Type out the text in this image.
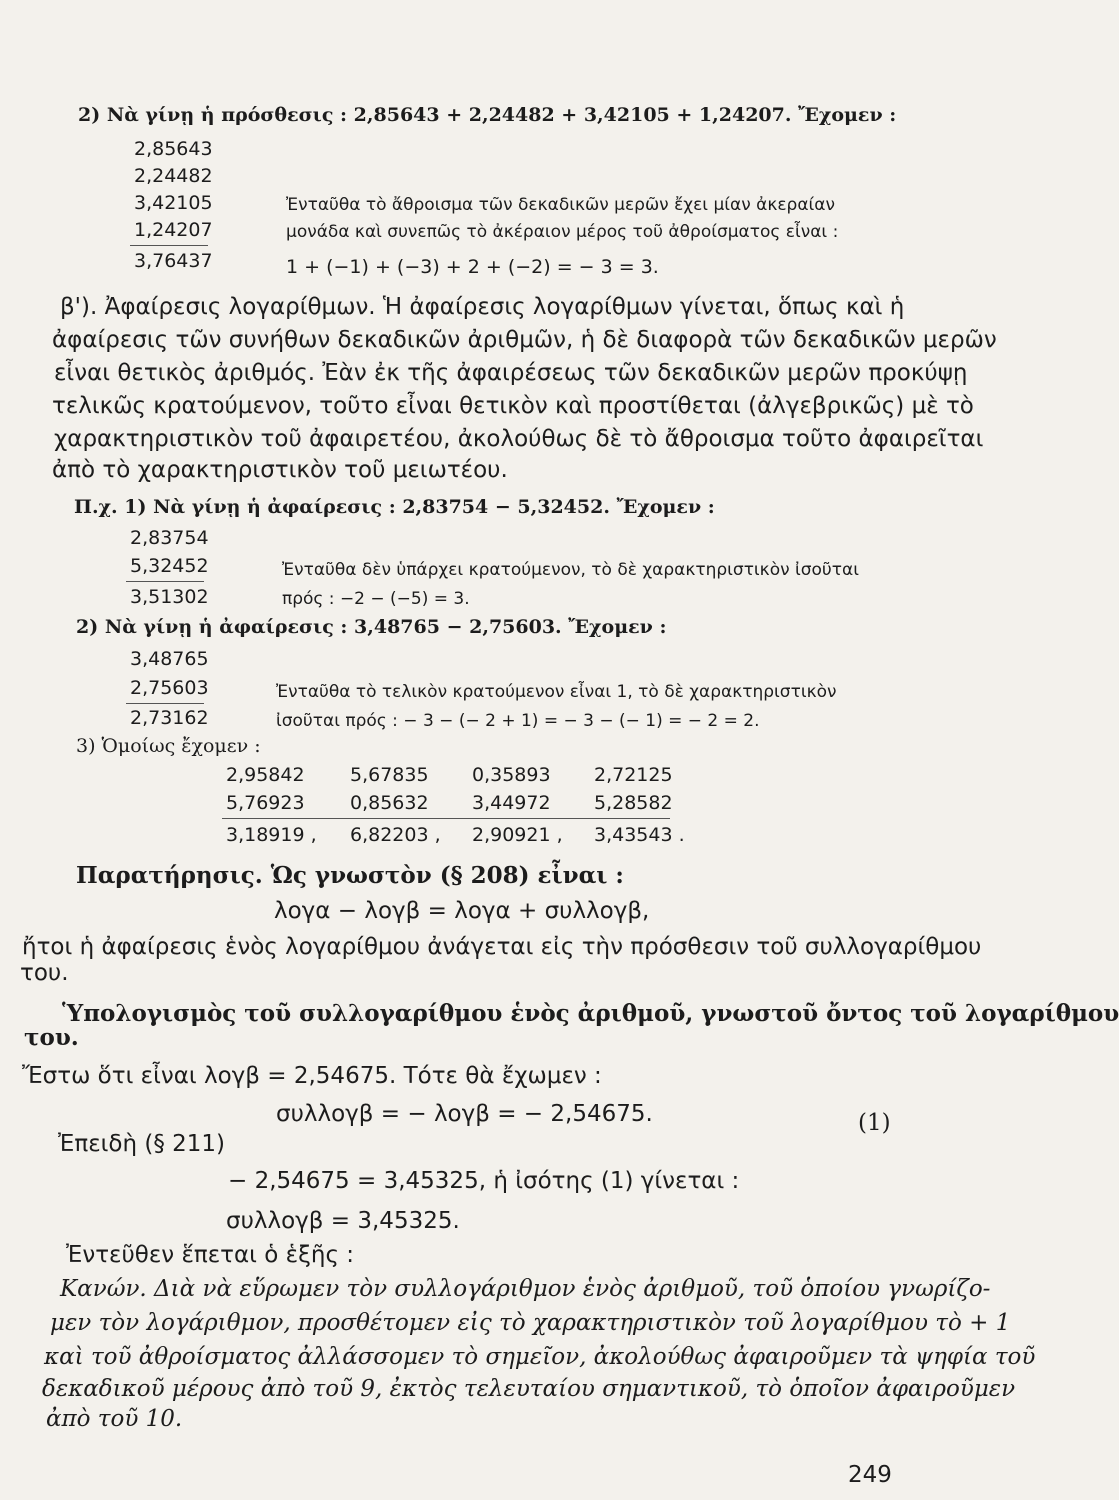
2) Νὰ γίνῃ ἡ πρόσθεσις : 2,85643 + 2,24482 + 3,42105 + 1,24207. Ἔχομεν :
2,85643
2,24482
3,42105
1,24207
3,76437
Ἐνταῦθα τὸ ἄθροισμα τῶν δεκαδικῶν μερῶν ἔχει μίαν ἀκεραίαν
μονάδα καὶ συνεπῶς τὸ ἀκέραιον μέρος τοῦ ἀθροίσματος εἶναι :
1 + (−1) + (−3) + 2 + (−2) = − 3 = 3.
β'). Ἀφαίρεσις λογαρίθμων. Ἡ ἀφαίρεσις λογαρίθμων γίνεται, ὅπως καὶ ἡ
ἀφαίρεσις τῶν συνήθων δεκαδικῶν ἀριθμῶν, ἡ δὲ διαφορὰ τῶν δεκαδικῶν μερῶν
εἶναι θετικὸς ἀριθμός. Ἐὰν ἐκ τῆς ἀφαιρέσεως τῶν δεκαδικῶν μερῶν προκύψῃ
τελικῶς κρατούμενον, τοῦτο εἶναι θετικὸν καὶ προστίθεται (ἀλγεβρικῶς) μὲ τὸ
χαρακτηριστικὸν τοῦ ἀφαιρετέου, ἀκολούθως δὲ τὸ ἄθροισμα τοῦτο ἀφαιρεῖται
ἀπὸ τὸ χαρακτηριστικὸν τοῦ μειωτέου.
Π.χ. 1) Νὰ γίνῃ ἡ ἀφαίρεσις : 2,83754 − 5,32452. Ἔχομεν :
2,83754
5,32452
3,51302
Ἐνταῦθα δὲν ὑπάρχει κρατούμενον, τὸ δὲ χαρακτηριστικὸν ἰσοῦται
πρός : −2 − (−5) = 3.
2) Νὰ γίνῃ ἡ ἀφαίρεσις : 3,48765 − 2,75603. Ἔχομεν :
3,48765
2,75603
2,73162
Ἐνταῦθα τὸ τελικὸν κρατούμενον εἶναι 1, τὸ δὲ χαρακτηριστικὸν
ἰσοῦται πρός : − 3 − (− 2 + 1) = − 3 − (− 1) = − 2 = 2.
3) Ὁμοίως ἔχομεν :
2,95842 5,67835 0,35893 2,72125
5,76923 0,85632 3,44972 5,28582
3,18919 , 6,82203 , 2,90921 , 3,43543 .
Παρατήρησις. Ὡς γνωστὸν (§ 208) εἶναι :
λογα − λογβ = λογα + συλλογβ,
ἤτοι ἡ ἀφαίρεσις ἑνὸς λογαρίθμου ἀνάγεται εἰς τὴν πρόσθεσιν τοῦ συλλογαρίθμου
του.
Ὑπολογισμὸς τοῦ συλλογαρίθμου ἑνὸς ἀριθμοῦ, γνωστοῦ ὄντος τοῦ λογαρίθμου
του.
Ἔστω ὅτι εἶναι λογβ = 2,54675. Τότε θὰ ἔχωμεν :
συλλογβ = − λογβ = − 2,54675.	(1)
Ἐπειδὴ (§ 211)
− 2,54675 = 3,45325, ἡ ἰσότης (1) γίνεται :
συλλογβ = 3,45325.
Ἐντεῦθεν ἕπεται ὁ ἑξῆς :
Κανών. Διὰ νὰ εὕρωμεν τὸν συλλογάριθμον ἑνὸς ἀριθμοῦ, τοῦ ὁποίου γνωρίζο-
μεν τὸν λογάριθμον, προσθέτομεν εἰς τὸ χαρακτηριστικὸν τοῦ λογαρίθμου τὸ + 1
καὶ τοῦ ἀθροίσματος ἀλλάσσομεν τὸ σημεῖον, ἀκολούθως ἀφαιροῦμεν τὰ ψηφία τοῦ
δεκαδικοῦ μέρους ἀπὸ τοῦ 9, ἐκτὸς τελευταίου σημαντικοῦ, τὸ ὁποῖον ἀφαιροῦμεν
ἀπὸ τοῦ 10.
249
